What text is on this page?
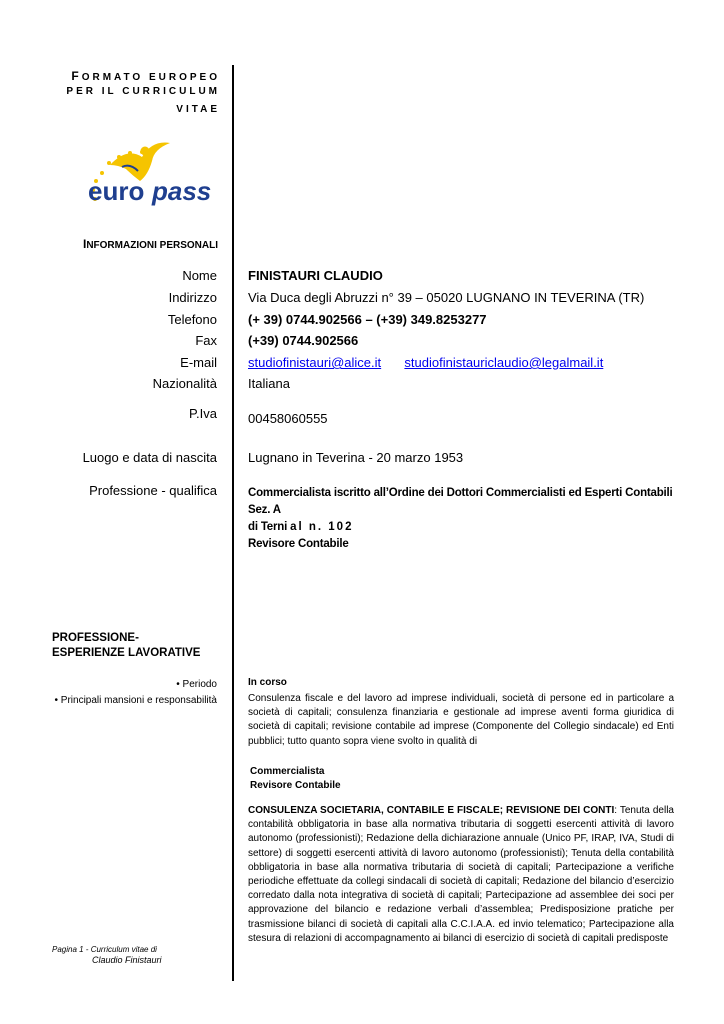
FORMATO EUROPEO
PER IL CURRICULUM
VITAE
euro pass
INFORMAZIONI PERSONALI
Nome FINISTAURI CLAUDIO
Indirizzo Via Duca degli Abruzzi n° 39 – 05020 LUGNANO IN TEVERINA (TR)
Telefono (+ 39) 0744.902566 – (+39) 349.8253277
Fax (+39) 0744.902566
E-mail studiofinistauri@alice.it studiofinistauriclaudio@legalmail.it
Nazionalità Italiana
P.Iva 00458060555
Luogo e data di nascita Lugnano in Teverina - 20 marzo 1953
Professione - qualifica	Commercialista iscritto all’Ordine dei Dottori Commercialisti ed Esperti Contabili Sez. A
di Terni al n. 102
Revisore Contabile
PROFESSIONE-
ESPERIENZE LAVORATIVE
• Periodo
• Principali mansioni e responsabilità
In corso
Consulenza fiscale e del lavoro ad imprese individuali, società di persone ed in particolare a società di capitali; consulenza finanziaria e gestionale ad imprese aventi forma giuridica di società di capitali; revisione contabile ad imprese (Componente del Collegio sindacale) ed Enti pubblici; tutto quanto sopra viene svolto in qualità di
Commercialista
Revisore Contabile
CONSULENZA SOCIETARIA, CONTABILE E FISCALE; REVISIONE DEI CONTI: Tenuta della contabilità obbligatoria in base alla normativa tributaria di soggetti esercenti attività di lavoro autonomo (professionisti); Redazione della dichiarazione annuale (Unico PF, IRAP, IVA, Studi di settore) di soggetti esercenti attività di lavoro autonomo (professionisti); Tenuta della contabilità obbligatoria in base alla normativa tributaria di società di capitali; Partecipazione a verifiche periodiche effettuate da collegi sindacali di società di capitali; Redazione del bilancio d’esercizio corredato dalla nota integrativa di società di capitali; Partecipazione ad assemblee dei soci per approvazione del bilancio e redazione verbali d’assemblea; Predisposizione pratiche per trasmissione bilanci di società di capitali alla C.C.I.A.A. ed invio telematico; Partecipazione alla stesura di relazioni di accompagnamento ai bilanci di esercizio di società di capitali predisposte
Pagina 1 - Curriculum vitae di
Claudio Finistauri
